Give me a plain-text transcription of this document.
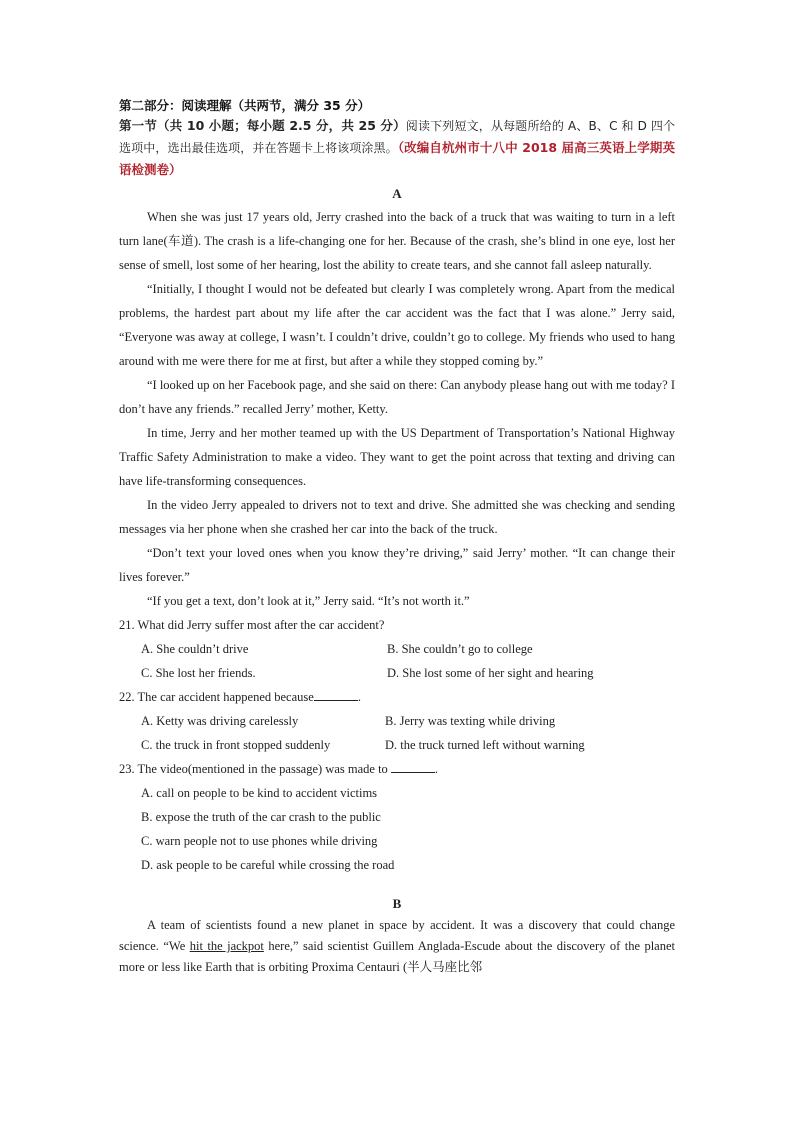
第二部分：阅读理解（共两节，满分 35 分）
第一节（共 10 小题；每小题 2.5 分，共 25 分）阅读下列短文，从每题所给的 A、B、C 和 D 四个选项中，选出最佳选项，并在答题卡上将该项涂黑。（改编自杭州市十八中 2018 届高三英语上学期英语检测卷）
A

When she was just 17 years old, Jerry crashed into the back of a truck that was waiting to turn in a left turn lane(车道). The crash is a life-changing one for her. Because of the crash, she’s blind in one eye, lost her sense of smell, lost some of her hearing, lost the ability to create tears, and she cannot fall asleep naturally.

“Initially, I thought I would not be defeated but clearly I was completely wrong. Apart from the medical problems, the hardest part about my life after the car accident was the fact that I was alone.” Jerry said, “Everyone was away at college, I wasn’t. I couldn’t drive, couldn’t go to college. My friends who used to hang around with me were there for me at first, but after a while they stopped coming by.”

“I looked up on her Facebook page, and she said on there: Can anybody please hang out with me today? I don’t have any friends.” recalled Jerry’ mother, Ketty.

In time, Jerry and her mother teamed up with the US Department of Transportation’s National Highway Traffic Safety Administration to make a video. They want to get the point across that texting and driving can have life-transforming consequences.

In the video Jerry appealed to drivers not to text and drive. She admitted she was checking and sending messages via her phone when she crashed her car into the back of the truck.

“Don’t text your loved ones when you know they’re driving,” said Jerry’ mother. “It can change their lives forever.”

“If you get a text, don’t look at it,” Jerry said. “It’s not worth it.”

21. What did Jerry suffer most after the car accident?

A. She couldn’t drive	B. She couldn’t go to college
C. She lost her friends.	D. She lost some of her sight and hearing

22. The car accident happened because	.

A. Ketty was driving carelessly	B. Jerry was texting while driving
C. the truck in front stopped suddenly	D. the truck turned left without warning

23. The video(mentioned in the passage) was made to	.

A. call on people to be kind to accident victims
B. expose the truth of the car crash to the public
C. warn people not to use phones while driving
D. ask people to be careful while crossing the road
B

A team of scientists found a new planet in space by accident. It was a discovery that could change science. “We hit the jackpot here,” said scientist Guillem Anglada-Escude about the discovery of the planet more or less like Earth that is orbiting Proxima Centauri (半人马座比邻
